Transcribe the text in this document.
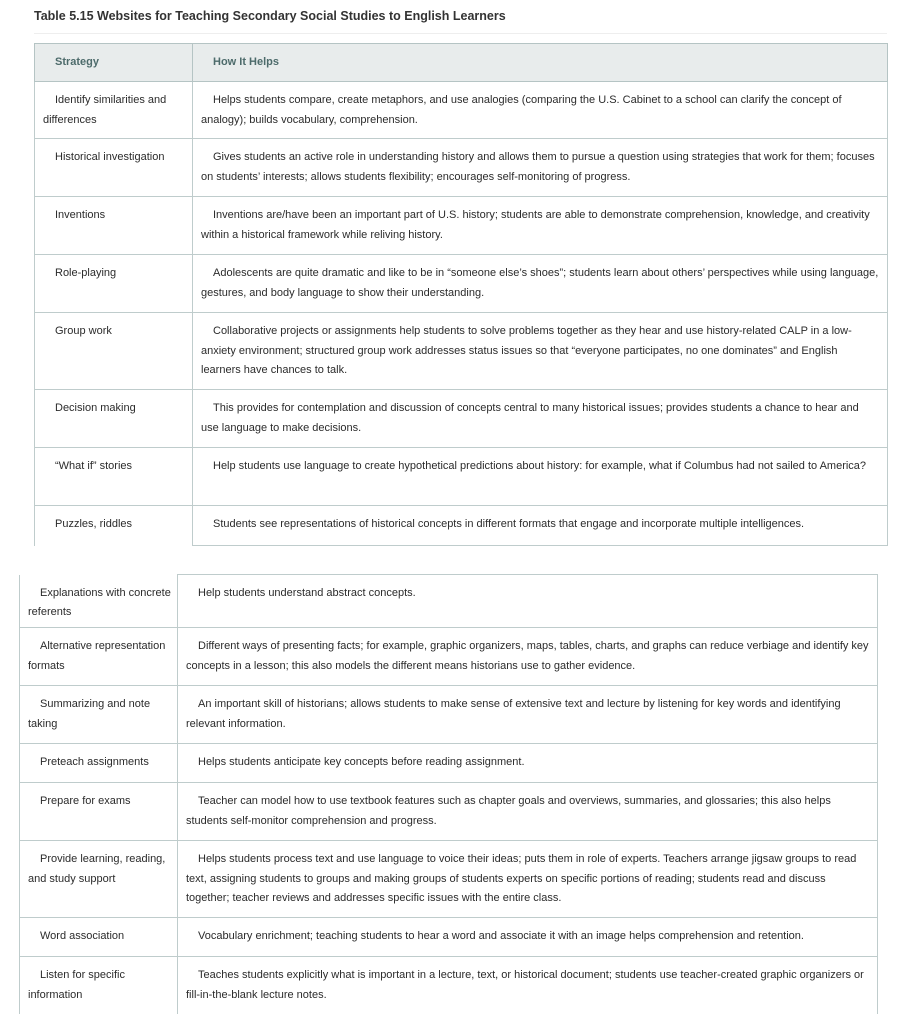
Table 5.15 Websites for Teaching Secondary Social Studies to English Learners
Strategy	How It Helps
Identify similarities and differences	Helps students compare, create metaphors, and use analogies (comparing the U.S. Cabinet to a school can clarify the concept of analogy); builds vocabulary, comprehension.
Historical investigation	Gives students an active role in understanding history and allows them to pursue a question using strategies that work for them; focuses on students’ interests; allows students flexibility; encourages self-monitoring of progress.
Inventions	Inventions are/have been an important part of U.S. history; students are able to demonstrate comprehension, knowledge, and creativity within a historical framework while reliving history.
Role-playing	Adolescents are quite dramatic and like to be in “someone else’s shoes”; students learn about others’ perspectives while using language, gestures, and body language to show their understanding.
Group work	Collaborative projects or assignments help students to solve problems together as they hear and use history-related CALP in a low-anxiety environment; structured group work addresses status issues so that “everyone participates, no one dominates” and English learners have chances to talk.
Decision making	This provides for contemplation and discussion of concepts central to many historical issues; provides students a chance to hear and use language to make decisions.
“What if” stories	Help students use language to create hypothetical predictions about history: for example, what if Columbus had not sailed to America?
Puzzles, riddles	Students see representations of historical concepts in different formats that engage and incorporate multiple intelligences.
Explanations with concrete referents	Help students understand abstract concepts.
Alternative representation formats	Different ways of presenting facts; for example, graphic organizers, maps, tables, charts, and graphs can reduce verbiage and identify key concepts in a lesson; this also models the different means historians use to gather evidence.
Summarizing and note taking	An important skill of historians; allows students to make sense of extensive text and lecture by listening for key words and identifying relevant information.
Preteach assignments	Helps students anticipate key concepts before reading assignment.
Prepare for exams	Teacher can model how to use textbook features such as chapter goals and overviews, summaries, and glossaries; this also helps students self-monitor comprehension and progress.
Provide learning, reading, and study support	Helps students process text and use language to voice their ideas; puts them in role of experts. Teachers arrange jigsaw groups to read text, assigning students to groups and making groups of students experts on specific portions of reading; students read and discuss together; teacher reviews and addresses specific issues with the entire class.
Word association	Vocabulary enrichment; teaching students to hear a word and associate it with an image helps comprehension and retention.
Listen for specific information	Teaches students explicitly what is important in a lecture, text, or historical document; students use teacher-created graphic organizers or fill-in-the-blank lecture notes.
